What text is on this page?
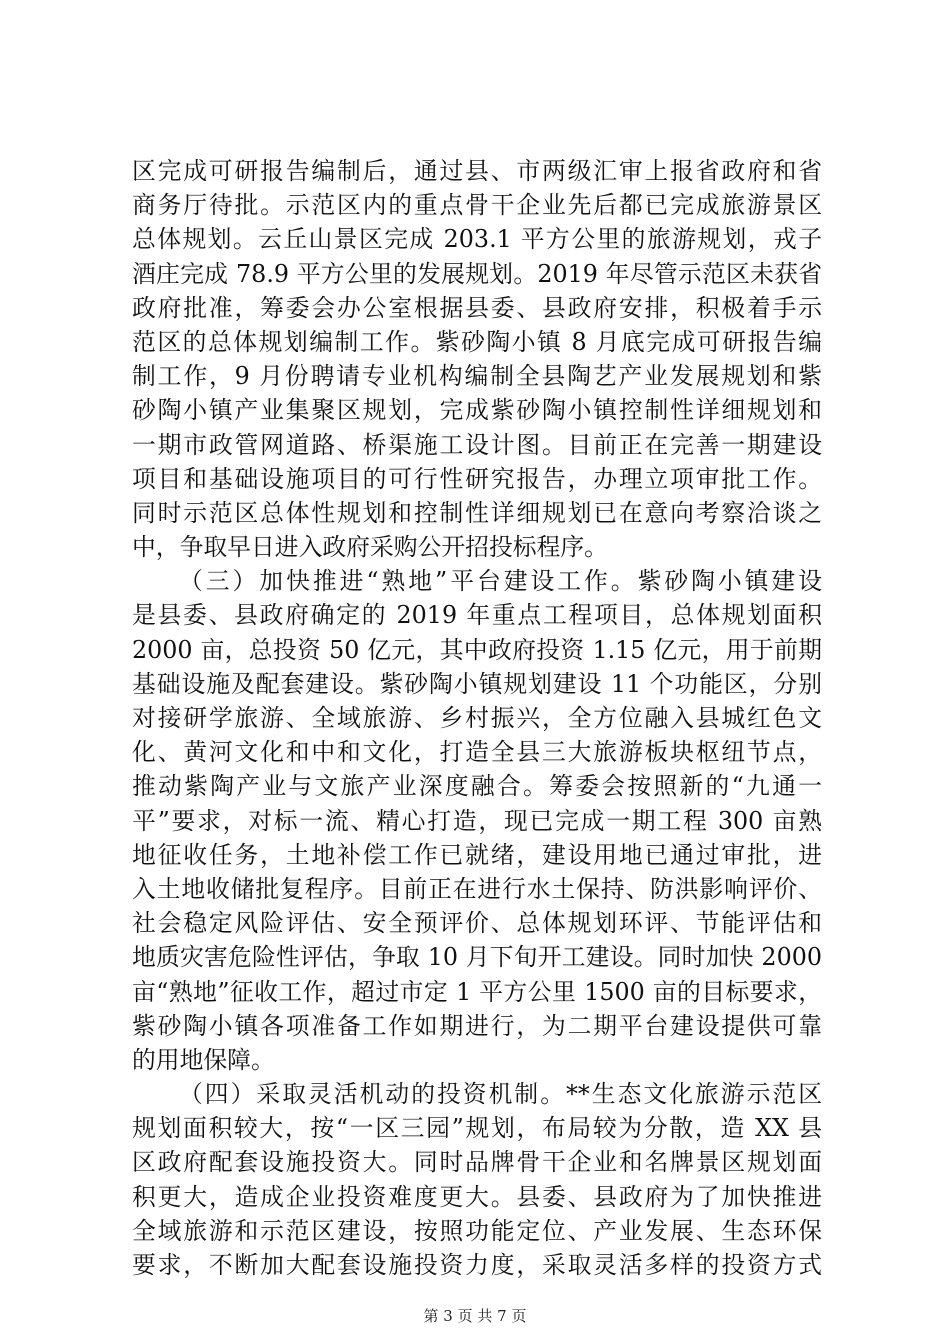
区完成可研报告编制后，通过县、市两级汇审上报省政府和省
商务厅待批。示范区内的重点骨干企业先后都已完成旅游景区
总体规划。云丘山景区完成 203.1 平方公里的旅游规划，戎子
酒庄完成 78.9 平方公里的发展规划。2019 年尽管示范区未获省
政府批准，筹委会办公室根据县委、县政府安排，积极着手示
范区的总体规划编制工作。紫砂陶小镇 8 月底完成可研报告编
制工作，9 月份聘请专业机构编制全县陶艺产业发展规划和紫
砂陶小镇产业集聚区规划，完成紫砂陶小镇控制性详细规划和
一期市政管网道路、桥渠施工设计图。目前正在完善一期建设
项目和基础设施项目的可行性研究报告，办理立项审批工作。
同时示范区总体性规划和控制性详细规划已在意向考察洽谈之
中，争取早日进入政府采购公开招投标程序。
（三）加快推进“熟地”平台建设工作。紫砂陶小镇建设
是县委、县政府确定的 2019 年重点工程项目，总体规划面积
2000 亩，总投资 50 亿元，其中政府投资 1.15 亿元，用于前期
基础设施及配套建设。紫砂陶小镇规划建设 11 个功能区，分别
对接研学旅游、全域旅游、乡村振兴，全方位融入县城红色文
化、黄河文化和中和文化，打造全县三大旅游板块枢纽节点，
推动紫陶产业与文旅产业深度融合。筹委会按照新的“九通一
平”要求，对标一流、精心打造，现已完成一期工程 300 亩熟
地征收任务，土地补偿工作已就绪，建设用地已通过审批，进
入土地收储批复程序。目前正在进行水土保持、防洪影响评价、
社会稳定风险评估、安全预评价、总体规划环评、节能评估和
地质灾害危险性评估，争取 10 月下旬开工建设。同时加快 2000
亩“熟地”征收工作，超过市定 1 平方公里 1500 亩的目标要求，
紫砂陶小镇各项准备工作如期进行，为二期平台建设提供可靠
的用地保障。
（四）采取灵活机动的投资机制。**生态文化旅游示范区
规划面积较大，按“一区三园”规划，布局较为分散，造 XX 县
区政府配套设施投资大。同时品牌骨干企业和名牌景区规划面
积更大，造成企业投资难度更大。县委、县政府为了加快推进
全域旅游和示范区建设，按照功能定位、产业发展、生态环保
要求，不断加大配套设施投资力度，采取灵活多样的投资方式
第 3 页 共 7 页
